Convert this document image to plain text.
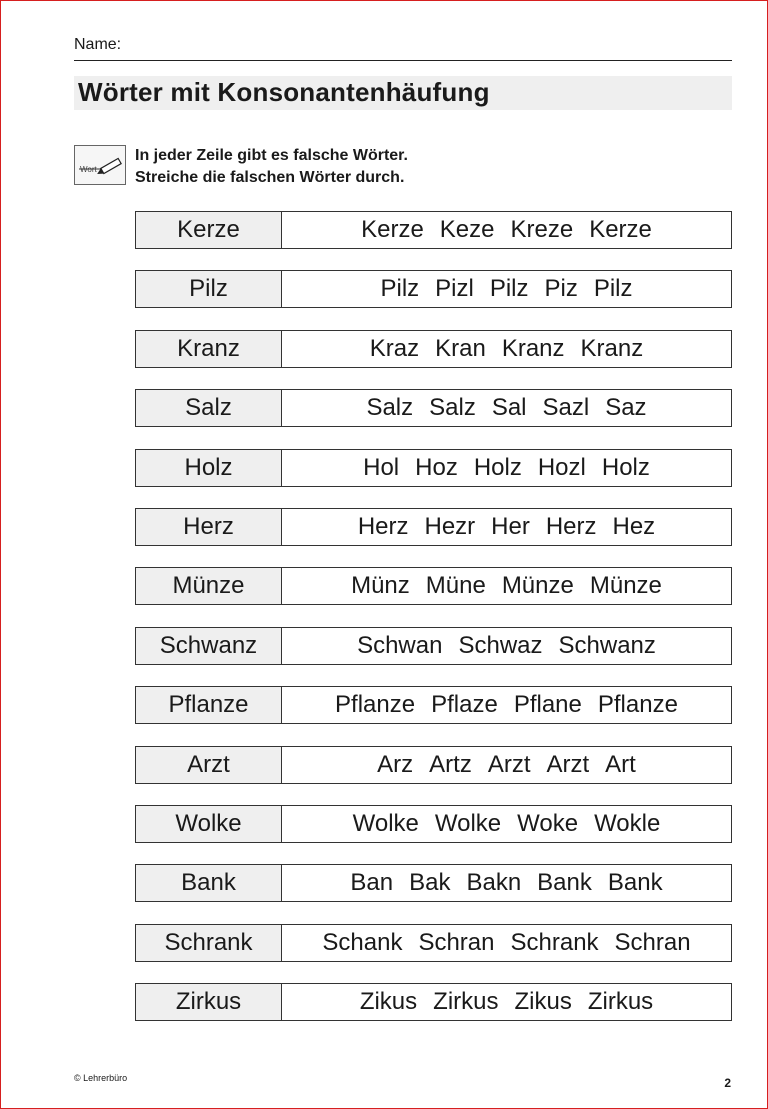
Name:
Wörter mit Konsonantenhäufung
Wort
In jeder Zeile gibt es falsche Wörter.
Streiche die falschen Wörter durch.
Kerze	Kerze Keze Kreze Kerze
Pilz	Pilz Pizl Pilz Piz Pilz
Kranz	Kraz Kran Kranz Kranz
Salz	Salz Salz Sal Sazl Saz
Holz	Hol Hoz Holz Hozl Holz
Herz	Herz Hezr Her Herz Hez
Münze	Münz Müne Münze Münze
Schwanz	Schwan Schwaz Schwanz
Pflanze	Pflanze Pflaze Pflane Pflanze
Arzt	Arz Artz Arzt Arzt Art
Wolke	Wolke Wolke Woke Wokle
Bank	Ban Bak Bakn Bank Bank
Schrank	Schank Schran Schrank Schran
Zirkus	Zikus Zirkus Zikus Zirkus
© Lehrerbüro	2
